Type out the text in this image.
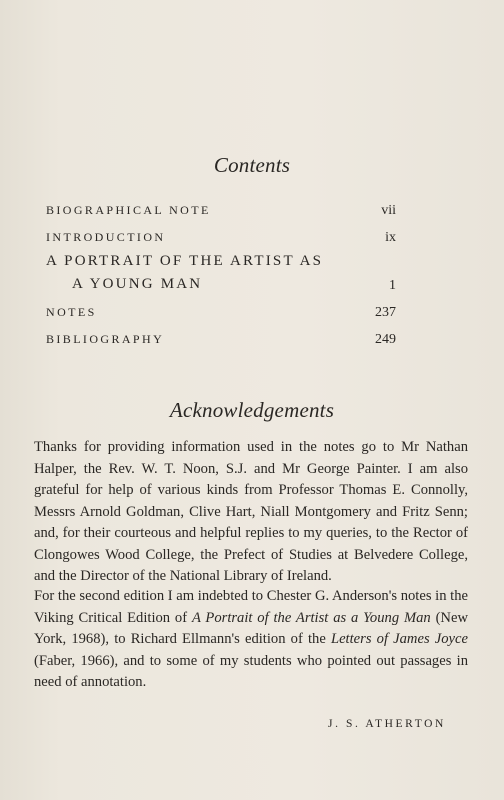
Contents
BIOGRAPHICAL NOTE	vii
INTRODUCTION	ix
A PORTRAIT OF THE ARTIST AS
A YOUNG MAN	1
NOTES	237
BIBLIOGRAPHY	249
Acknowledgements

Thanks for providing information used in the notes go to Mr Nathan Halper, the Rev. W. T. Noon, S.J. and Mr George Painter. I am also grateful for help of various kinds from Professor Thomas E. Connolly, Messrs Arnold Goldman, Clive Hart, Niall Montgomery and Fritz Senn; and, for their courteous and helpful replies to my queries, to the Rector of Clongowes Wood College, the Prefect of Studies at Belvedere College, and the Director of the National Library of Ireland.

For the second edition I am indebted to Chester G. Anderson's notes in the Viking Critical Edition of A Portrait of the Artist as a Young Man (New York, 1968), to Richard Ellmann's edition of the Letters of James Joyce (Faber, 1966), and to some of my students who pointed out passages in need of annotation.

J. S. ATHERTON
